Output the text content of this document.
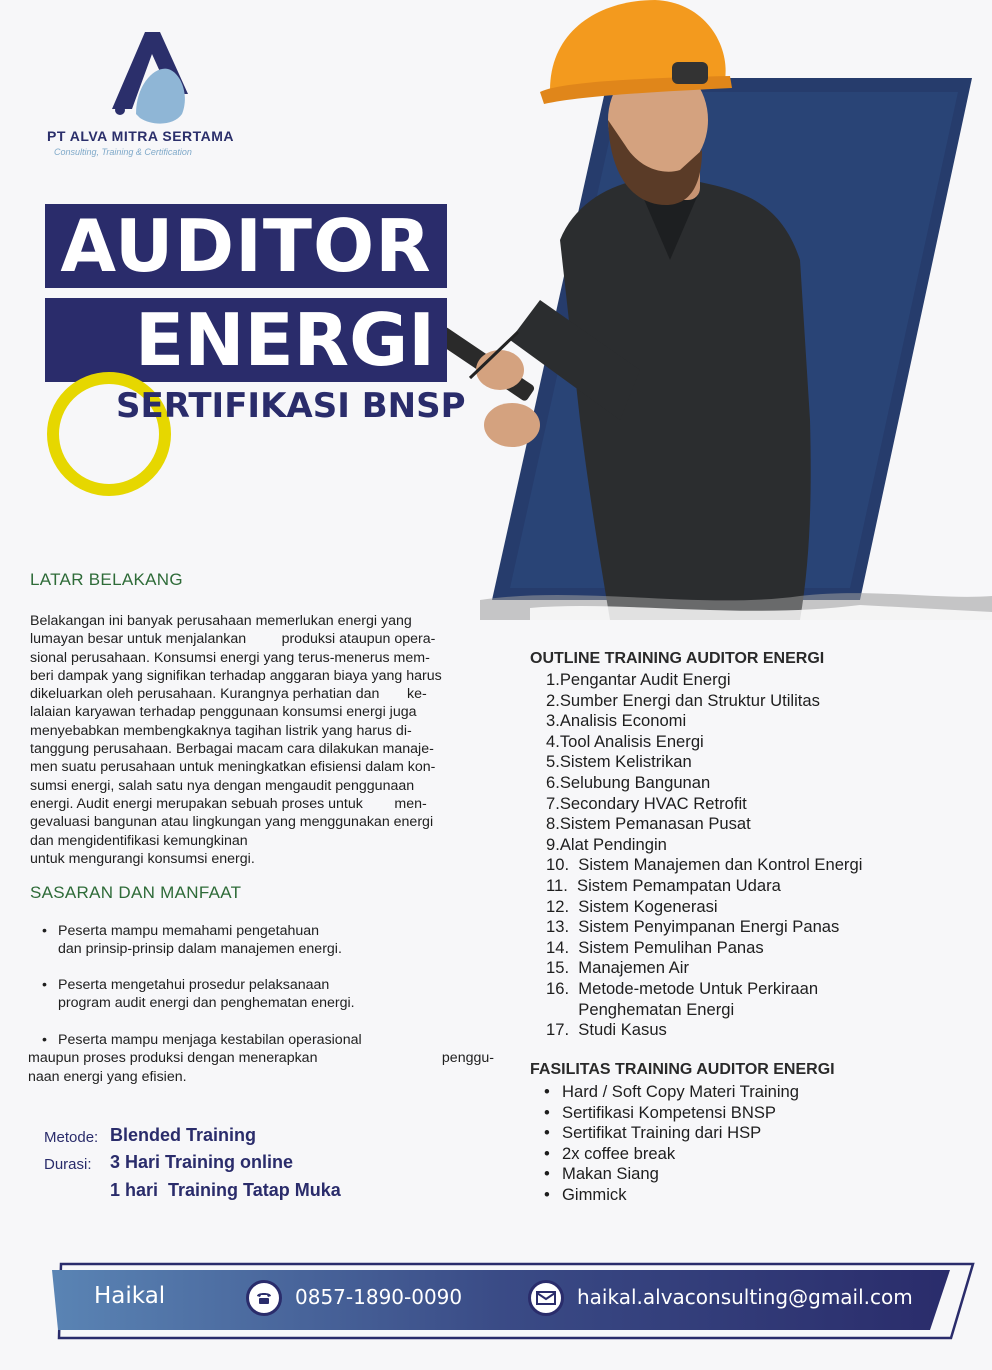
PT ALVA MITRA SERTAMA
Consulting, Training & Certification
AUDITOR
ENERGI
SERTIFIKASI BNSP
LATAR BELAKANG
Belakangan ini banyak perusahaan memerlukan energi yang
lumayan besar untuk menjalankan         produksi ataupun opera-
sional perusahaan. Konsumsi energi yang terus-menerus mem-
beri dampak yang signifikan terhadap anggaran biaya yang harus
dikeluarkan oleh perusahaan. Kurangnya perhatian dan       ke-
lalaian karyawan terhadap penggunaan konsumsi energi juga
menyebabkan membengkaknya tagihan listrik yang harus di-
tanggung perusahaan. Berbagai macam cara dilakukan manaje-
men suatu perusahaan untuk meningkatkan efisiensi dalam kon-
sumsi energi, salah satu nya dengan mengaudit penggunaan
energi. Audit energi merupakan sebuah proses untuk        men-
gevaluasi bangunan atau lingkungan yang menggunakan energi
dan mengidentifikasi kemungkinan
untuk mengurangi konsumsi energi.
SASARAN DAN MANFAAT
• Peserta mampu memahami pengetahuan
dan prinsip-prinsip dalam manajemen energi.
• Peserta mengetahui prosedur pelaksanaan
program audit energi dan penghematan energi.
• Peserta mampu menjaga kestabilan operasional
maupun proses produksi dengan menerapkan	penggu-
naan energi yang efisien.
Metode: Blended Training
Durasi: 3 Hari Training online
1 hari  Training Tatap Muka
OUTLINE TRAINING AUDITOR ENERGI
1.Pengantar Audit Energi
2.Sumber Energi dan Struktur Utilitas
3.Analisis Economi
4.Tool Analisis Energi
5.Sistem Kelistrikan
6.Selubung Bangunan
7.Secondary HVAC Retrofit
8.Sistem Pemanasan Pusat
9.Alat Pendingin
10.  Sistem Manajemen dan Kontrol Energi
11.  Sistem Pemampatan Udara
12.  Sistem Kogenerasi
13.  Sistem Penyimpanan Energi Panas
14.  Sistem Pemulihan Panas
15.  Manajemen Air
16.  Metode-metode Untuk Perkiraan
Penghematan Energi
17.  Studi Kasus
FASILITAS TRAINING AUDITOR ENERGI
• Hard / Soft Copy Materi Training
• Sertifikasi Kompetensi BNSP
• Sertifikat Training dari HSP
• 2x coffee break
• Makan Siang
• Gimmick
Haikal	0857-1890-0090	haikal.alvaconsulting@gmail.com
